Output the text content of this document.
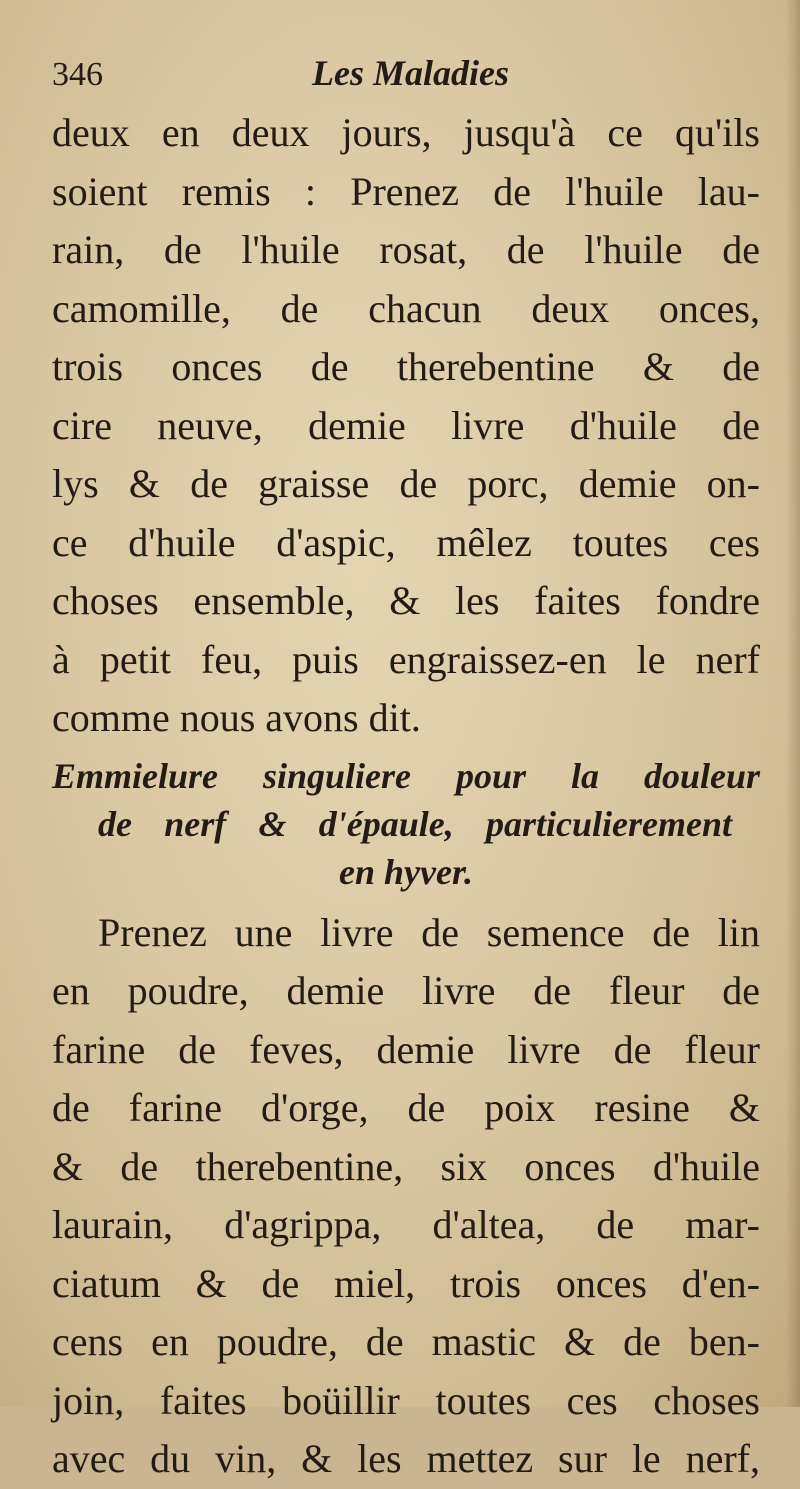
346	Les Maladies
deux en deux jours, jusqu'à ce qu'ils
soient remis : Prenez de l'huile lau-
rain, de l'huile rosat, de l'huile de
camomille, de chacun deux onces,
trois onces de therebentine & de
cire neuve, demie livre d'huile de
lys & de graisse de porc, demie on-
ce d'huile d'aspic, mêlez toutes ces
choses ensemble, & les faites fondre
à petit feu, puis engraissez-en le nerf
comme nous avons dit.
Emmielure singuliere pour la douleur
de nerf & d'épaule, particulierement
en hyver.
Prenez une livre de semence de lin
en poudre, demie livre de fleur de
farine de feves, demie livre de fleur
de farine d'orge, de poix resine &
& de therebentine, six onces d'huile
laurain, d'agrippa, d'altea, de mar-
ciatum & de miel, trois onces d'en-
cens en poudre, de mastic & de ben-
join, faites boüillir toutes ces choses
avec du vin, & les mettez sur le nerf,
